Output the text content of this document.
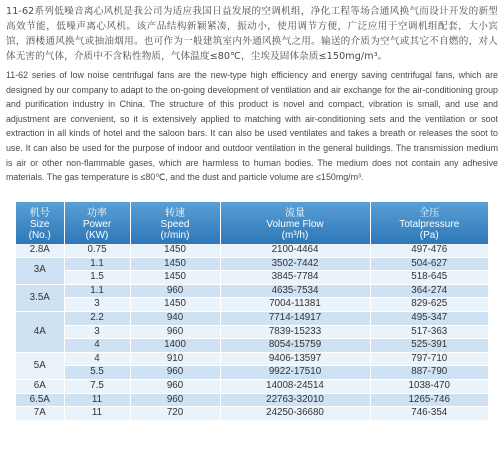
11-62系列低噪音离心风机是我公司为适应我国日益发展的空调机组，净化工程等场合通风换气而设计开发的新型高效节能，低噪声离心风机。该产品结构新颖紧凑，振动小，使用调节方便，广泛应用于空调机组配套，大小宾馆，酒楼通风换气或抽油烟用。也可作为一般建筑室内外通风换气之用。输送的介质为空气或其它不自燃的，对人体无害的气体，介质中不含粘性物质，气体温度≤80℃，尘埃及固体杂质≤150mg/m³。

11-62 series of low noise centrifugal fans are the new-type high efficiency and energy saving centrifugal fans, which are designed by our company to adapt to the on-going development of ventilation and air exchange for the air-conditioning group and purification industry in China. The structure of this product is novel and compact, vibration is small, and use and adjustment are convenient, so it is extensively applied to matching with air-conditioning sets and the ventilation or soot extraction in all kinds of hotel and the saloon bars. It can also be used ventilates and takes a breath or releases the soot to use. It can also be used for the purpose of indoor and outdoor ventilation in the general buildings. The transmission medium is air or other non-flammable gases, which are harmless to human bodies. The medium does not contain any adhesive materials. The gas temperature is ≤80℃, and the dust and particle volume are ≤150mg/m³.

机号
Size
(No.)	功率
Power
(KW)	转速
Speed
(r/min)	流量
Volume Flow
(m³/h)	全压
Totalpressure
(Pa)

2.8A	0.75	1450	2100-4464	497-476
3A	1.1	1450	3502-7442	504-627
	1.5	1450	3845-7784	518-645
3.5A	1.1	960	4635-7534	364-274
	3	1450	7004-11381	829-625
4A	2.2	940	7714-14917	495-347
	3	960	7839-15233	517-363
	4	1400	8054-15759	525-391
5A	4	910	9406-13597	797-710
	5.5	960	9922-17510	887-790
6A	7.5	960	14008-24514	1038-470
6.5A	11	960	22763-32010	1265-746
7A	11	720	24250-36680	746-354
